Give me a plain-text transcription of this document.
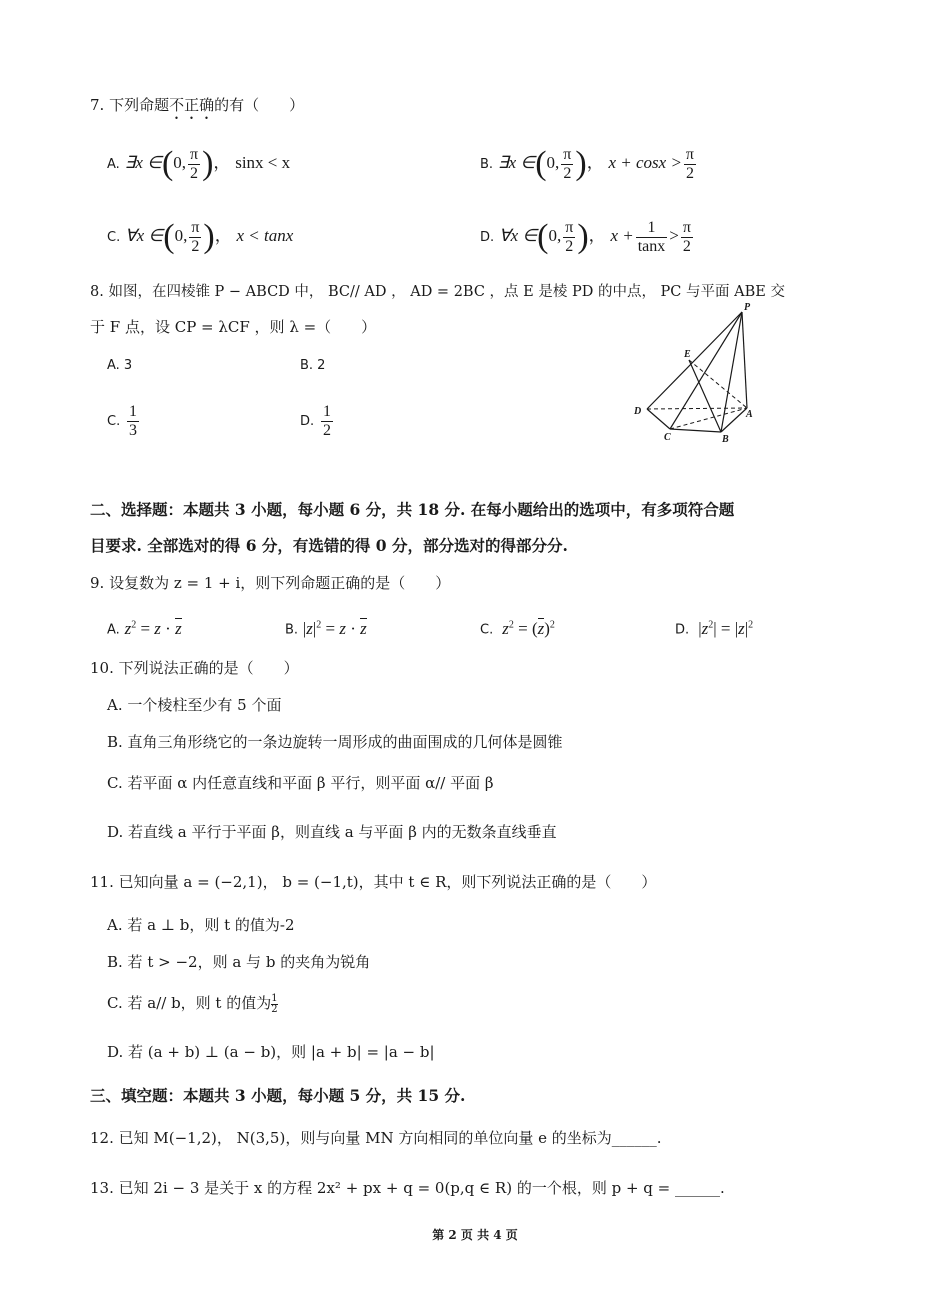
7. 下列命题不正确的有（　　）
A. ∃x ∈(0, $\frac{\pi}{2}$ )， sinx < x	B. ∃x ∈(0, $\frac{\pi}{2}$ )， $x + \cos x > \frac{\pi}{2}$
C. ∀x ∈(0, $\frac{\pi}{2}$ )， x < tanx	D. ∀x ∈(0, $\frac{\pi}{2}$ )， $x + \frac{1}{\tan x} > \frac{\pi}{2}$
8. 如图，在四棱锥 P − ABCD 中， BC// AD ， AD = 2BC ，点 E 是棱 PD 的中点， PC 与平面 ABE 交
于 F 点，设 CP = λCF ，则 λ =（　　）
A. 3	B. 2
C. $\frac{1}{3}$	D. $\frac{1}{2}$
P
E
D
C	B
A
二、选择题：本题共 3 小题，每小题 6 分，共 18 分. 在每小题给出的选项中，有多项符合题
目要求. 全部选对的得 6 分，有选错的得 0 分，部分选对的得部分分.
9. 设复数为 z = 1 + i，则下列命题正确的是（　　）
A. $z^2 = z \cdot z$	B. $|z|^2 = z \cdot z$	C. $z^2 = (z)^2$	D.  $|z^2| = |z|^2$
10. 下列说法正确的是（　　）
A. 一个棱柱至少有 5 个面
B. 直角三角形绕它的一条边旋转一周形成的曲面围成的几何体是圆锥
C. 若平面 α 内任意直线和平面 β 平行，则平面 α// 平面 β
D. 若直线 a 平行于平面 β，则直线 a 与平面 β 内的无数条直线垂直
11. 已知向量 a = (−2,1)， b = (−1,t)，其中 t ∈ R，则下列说法正确的是（　　）
A. 若 a ⊥ b，则 t 的值为-2
B. 若 t > −2，则 a 与 b 的夹角为锐角
C. 若 a// b，则 t 的值为 $\frac{1}{2}$
D. 若 (a + b) ⊥ (a − b)，则 |a + b| = |a − b|
三、填空题：本题共 3 小题，每小题 5 分，共 15 分.
12. 已知 M(−1,2)， N(3,5)，则与向量 MN 方向相同的单位向量 e 的坐标为______.
13. 已知 2i − 3 是关于 x 的方程 2x² + px + q = 0(p,q ∈ R) 的一个根，则 p + q = ______.
第 2 页 共 4 页
